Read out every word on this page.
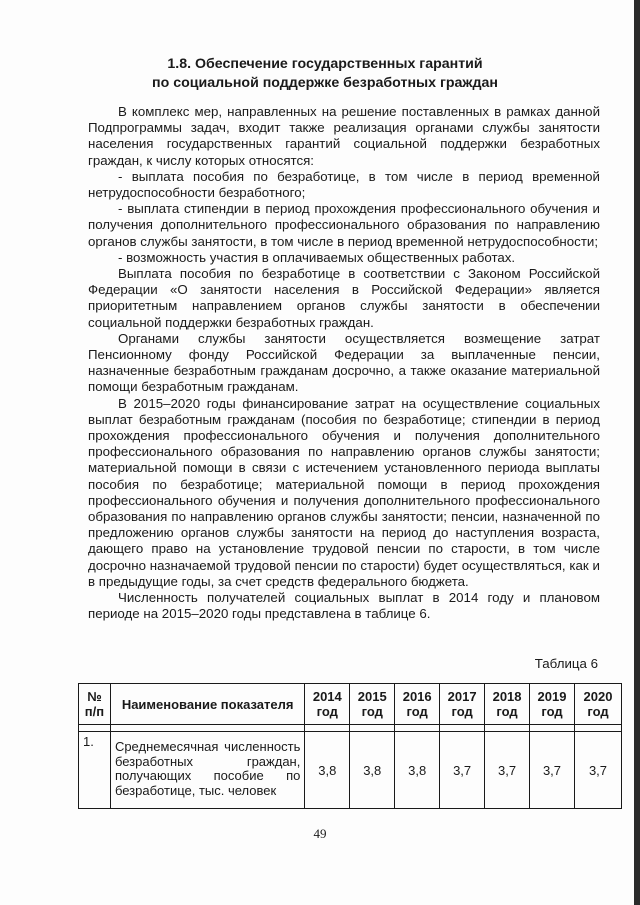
1.8. Обеспечение государственных гарантий
по социальной поддержке безработных граждан

В комплекс мер, направленных на решение поставленных в рамках данной Подпрограммы задач, входит также реализация органами службы занятости населения государственных гарантий социальной поддержки безработных граждан, к числу которых относятся:

- выплата пособия по безработице, в том числе в период временной нетрудоспособности безработного;

- выплата стипендии в период прохождения профессионального обучения и получения дополнительного профессионального образования по направлению органов службы занятости, в том числе в период временной нетрудоспособности;

- возможность участия в оплачиваемых общественных работах.

Выплата пособия по безработице в соответствии с Законом Российской Федерации «О занятости населения в Российской Федерации» является приоритетным направлением органов службы занятости в обеспечении социальной поддержки безработных граждан.

Органами службы занятости осуществляется возмещение затрат Пенсионному фонду Российской Федерации за выплаченные пенсии, назначенные безработным гражданам досрочно, а также оказание материальной помощи безработным гражданам.

В 2015–2020 годы финансирование затрат на осуществление социальных выплат безработным гражданам (пособия по безработице; стипендии в период прохождения профессионального обучения и получения дополнительного профессионального образования по направлению органов службы занятости; материальной помощи в связи с истечением установленного периода выплаты пособия по безработице; материальной помощи в период прохождения профессионального обучения и получения дополнительного профессионального образования по направлению органов службы занятости; пенсии, назначенной по предложению органов службы занятости на период до наступления возраста, дающего право на установление трудовой пенсии по старости, в том числе досрочно назначаемой трудовой пенсии по старости) будет осуществляться, как и в предыдущие годы, за счет средств федерального бюджета.

Численность получателей социальных выплат в 2014 году и плановом периоде на 2015–2020 годы представлена в таблице 6.

Таблица 6
№ п/п	Наименование показателя	2014 год	2015 год	2016 год	2017 год	2018 год	2019 год	2020 год

1.	Среднемесячная численность безработных граждан, получающих пособие по безработице, тыс. человек	3,8	3,8	3,8	3,7	3,7	3,7	3,7
49
